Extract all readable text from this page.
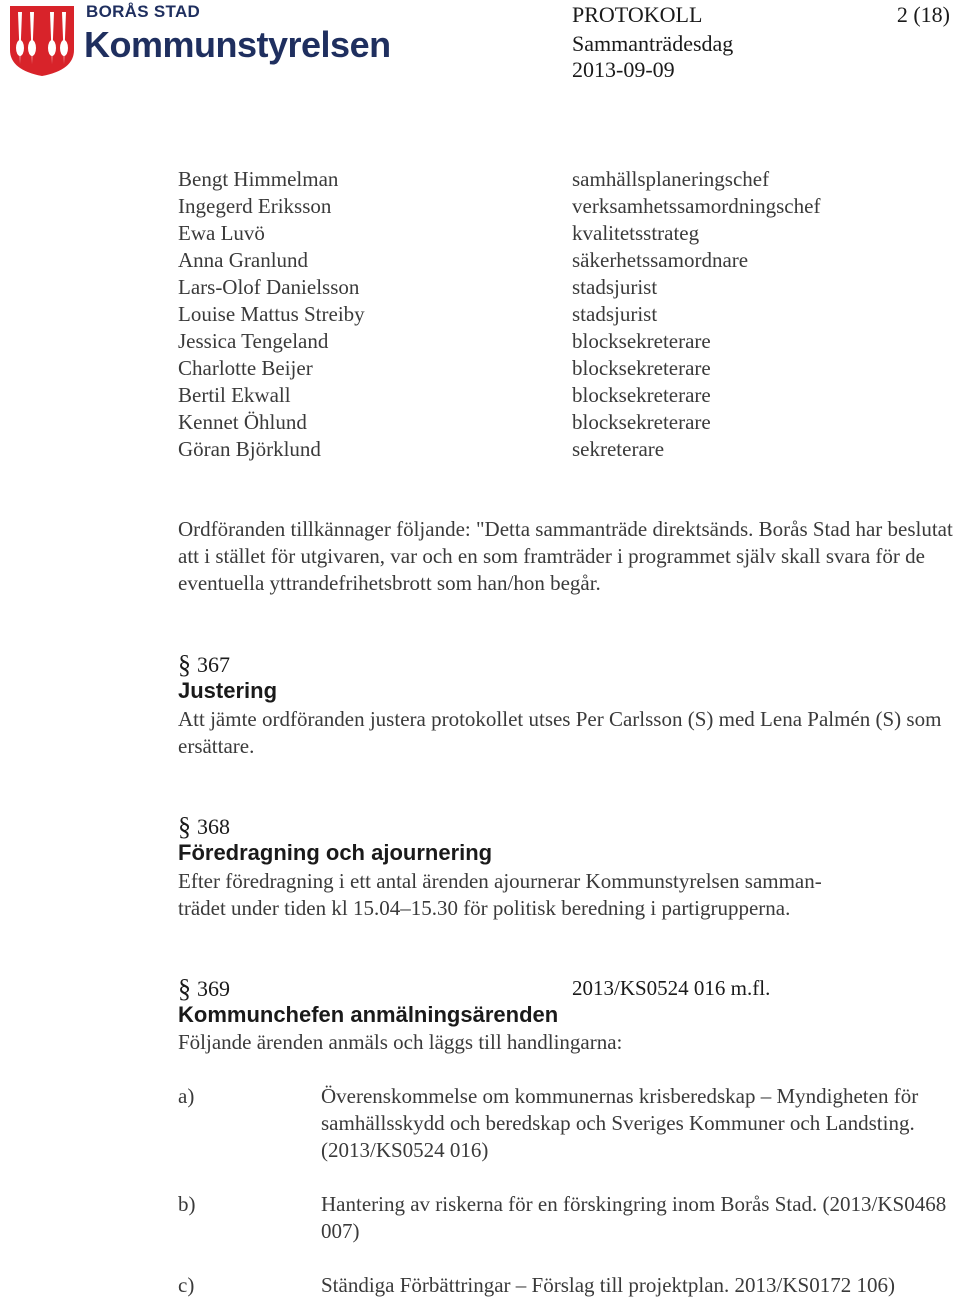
BORÅS STAD
Kommunstyrelsen
PROTOKOLL	2 (18)
Sammanträdesdag
2013-09-09
Bengt Himmelman	samhällsplaneringschef
Ingegerd Eriksson	verksamhetssamordningschef
Ewa Luvö	kvalitetsstrateg
Anna Granlund	säkerhetssamordnare
Lars-Olof Danielsson	stadsjurist
Louise Mattus Streiby	stadsjurist
Jessica Tengeland	blocksekreterare
Charlotte Beijer	blocksekreterare
Bertil Ekwall	blocksekreterare
Kennet Öhlund	blocksekreterare
Göran Björklund	sekreterare
Ordföranden tillkännager följande: "Detta sammanträde direktsänds. Borås Stad har beslutat att i stället för utgivaren, var och en som framträder i programmet själv skall svara för de eventuella yttrandefrihetsbrott som han/hon begår.
§ 367
Justering
Att jämte ordföranden justera protokollet utses Per Carlsson (S) med Lena Palmén (S) som ersättare.
§ 368
Föredragning och ajournering
Efter föredragning i ett antal ärenden ajournerar Kommunstyrelsen samman-
trädet under tiden kl 15.04–15.30 för politisk beredning i partigrupperna.
§ 369	2013/KS0524 016 m.fl.
Kommunchefen anmälningsärenden
Följande ärenden anmäls och läggs till handlingarna:
a)	Överenskommelse om kommunernas krisberedskap – Myndigheten för samhällsskydd och beredskap och Sveriges Kommuner och Landsting. (2013/KS0524 016)
b)	Hantering av riskerna för en förskingring inom Borås Stad. (2013/KS0468 007)
c)	Ständiga Förbättringar – Förslag till projektplan. 2013/KS0172 106)
